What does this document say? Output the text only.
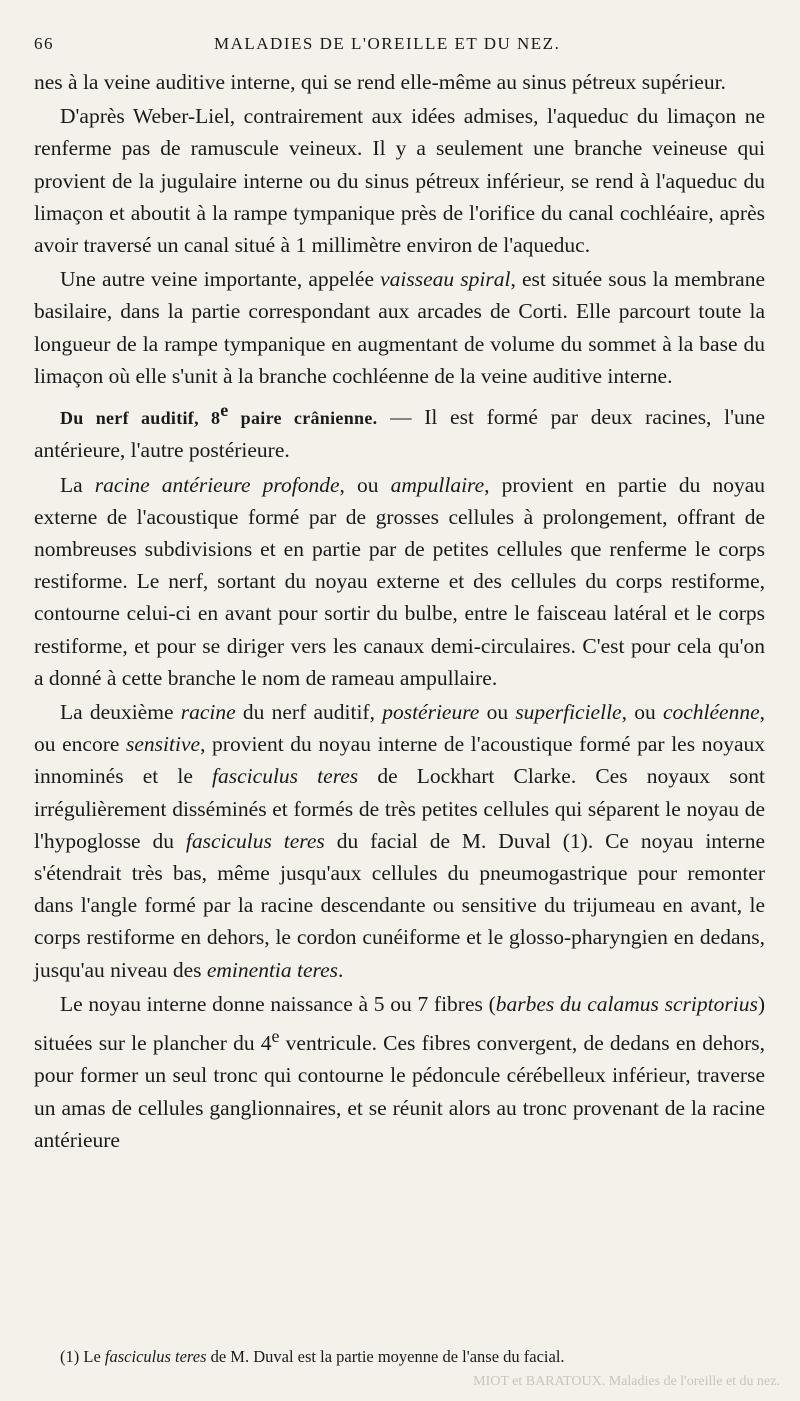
66	MALADIES DE L'OREILLE ET DU NEZ.

nes à la veine auditive interne, qui se rend elle-même au sinus pétreux supérieur.

D'après Weber-Liel, contrairement aux idées admises, l'aqueduc du limaçon ne renferme pas de ramuscule veineux. Il y a seulement une branche veineuse qui provient de la jugulaire interne ou du sinus pétreux inférieur, se rend à l'aqueduc du limaçon et aboutit à la rampe tympanique près de l'orifice du canal cochléaire, après avoir traversé un canal situé à 1 millimètre environ de l'aqueduc.

Une autre veine importante, appelée vaisseau spiral, est située sous la membrane basilaire, dans la partie correspondant aux arcades de Corti. Elle parcourt toute la longueur de la rampe tympanique en augmentant de volume du sommet à la base du limaçon où elle s'unit à la branche cochléenne de la veine auditive interne.

Du nerf auditif, 8e paire crânienne. — Il est formé par deux racines, l'une antérieure, l'autre postérieure.

La racine antérieure profonde, ou ampullaire, provient en partie du noyau externe de l'acoustique formé par de grosses cellules à prolongement, offrant de nombreuses subdivisions et en partie par de petites cellules que renferme le corps restiforme. Le nerf, sortant du noyau externe et des cellules du corps restiforme, contourne celui-ci en avant pour sortir du bulbe, entre le faisceau latéral et le corps restiforme, et pour se diriger vers les canaux demi-circulaires. C'est pour cela qu'on a donné à cette branche le nom de rameau ampullaire.

La deuxième racine du nerf auditif, postérieure ou superficielle, ou cochléenne, ou encore sensitive, provient du noyau interne de l'acoustique formé par les noyaux innominés et le fasciculus teres de Lockhart Clarke. Ces noyaux sont irrégulièrement disséminés et formés de très petites cellules qui séparent le noyau de l'hypoglosse du fasciculus teres du facial de M. Duval (1). Ce noyau interne s'étendrait très bas, même jusqu'aux cellules du pneumogastrique pour remonter dans l'angle formé par la racine descendante ou sensitive du trijumeau en avant, le corps restiforme en dehors, le cordon cunéiforme et le glosso-pharyngien en dedans, jusqu'au niveau des eminentia teres.

Le noyau interne donne naissance à 5 ou 7 fibres (barbes du calamus scriptorius) situées sur le plancher du 4e ventricule. Ces fibres convergent, de dedans en dehors, pour former un seul tronc qui contourne le pédoncule cérébelleux inférieur, traverse un amas de cellules ganglionnaires, et se réunit alors au tronc provenant de la racine antérieure

(1) Le fasciculus teres de M. Duval est la partie moyenne de l'anse du facial.
MIOT et BARATOUX. Maladies de l'oreille et du nez.
